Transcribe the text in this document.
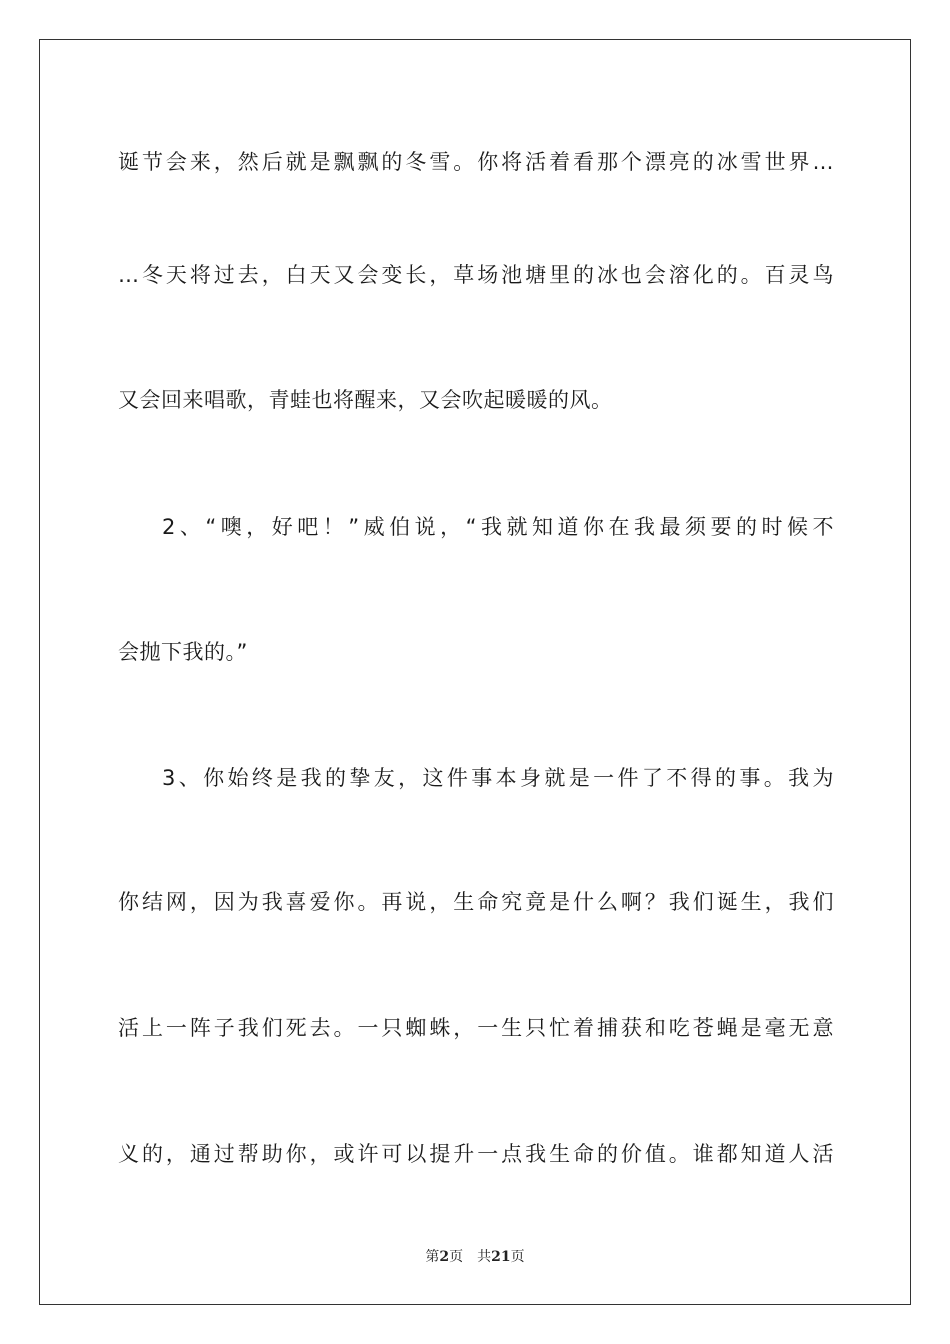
诞节会来，然后就是飘飘的冬雪。你将活着看那个漂亮的冰雪世界…
…冬天将过去，白天又会变长，草场池塘里的冰也会溶化的。百灵鸟
又会回来唱歌，青蛙也将醒来，又会吹起暖暖的风。
2、“噢，好吧！”威伯说，“我就知道你在我最须要的时候不
会抛下我的。”
3、你始终是我的挚友，这件事本身就是一件了不得的事。我为
你结网，因为我喜爱你。再说，生命究竟是什么啊？我们诞生，我们
活上一阵子我们死去。一只蜘蛛，一生只忙着捕获和吃苍蝇是毫无意
义的，通过帮助你，或许可以提升一点我生命的价值。谁都知道人活
第2页 共21页
